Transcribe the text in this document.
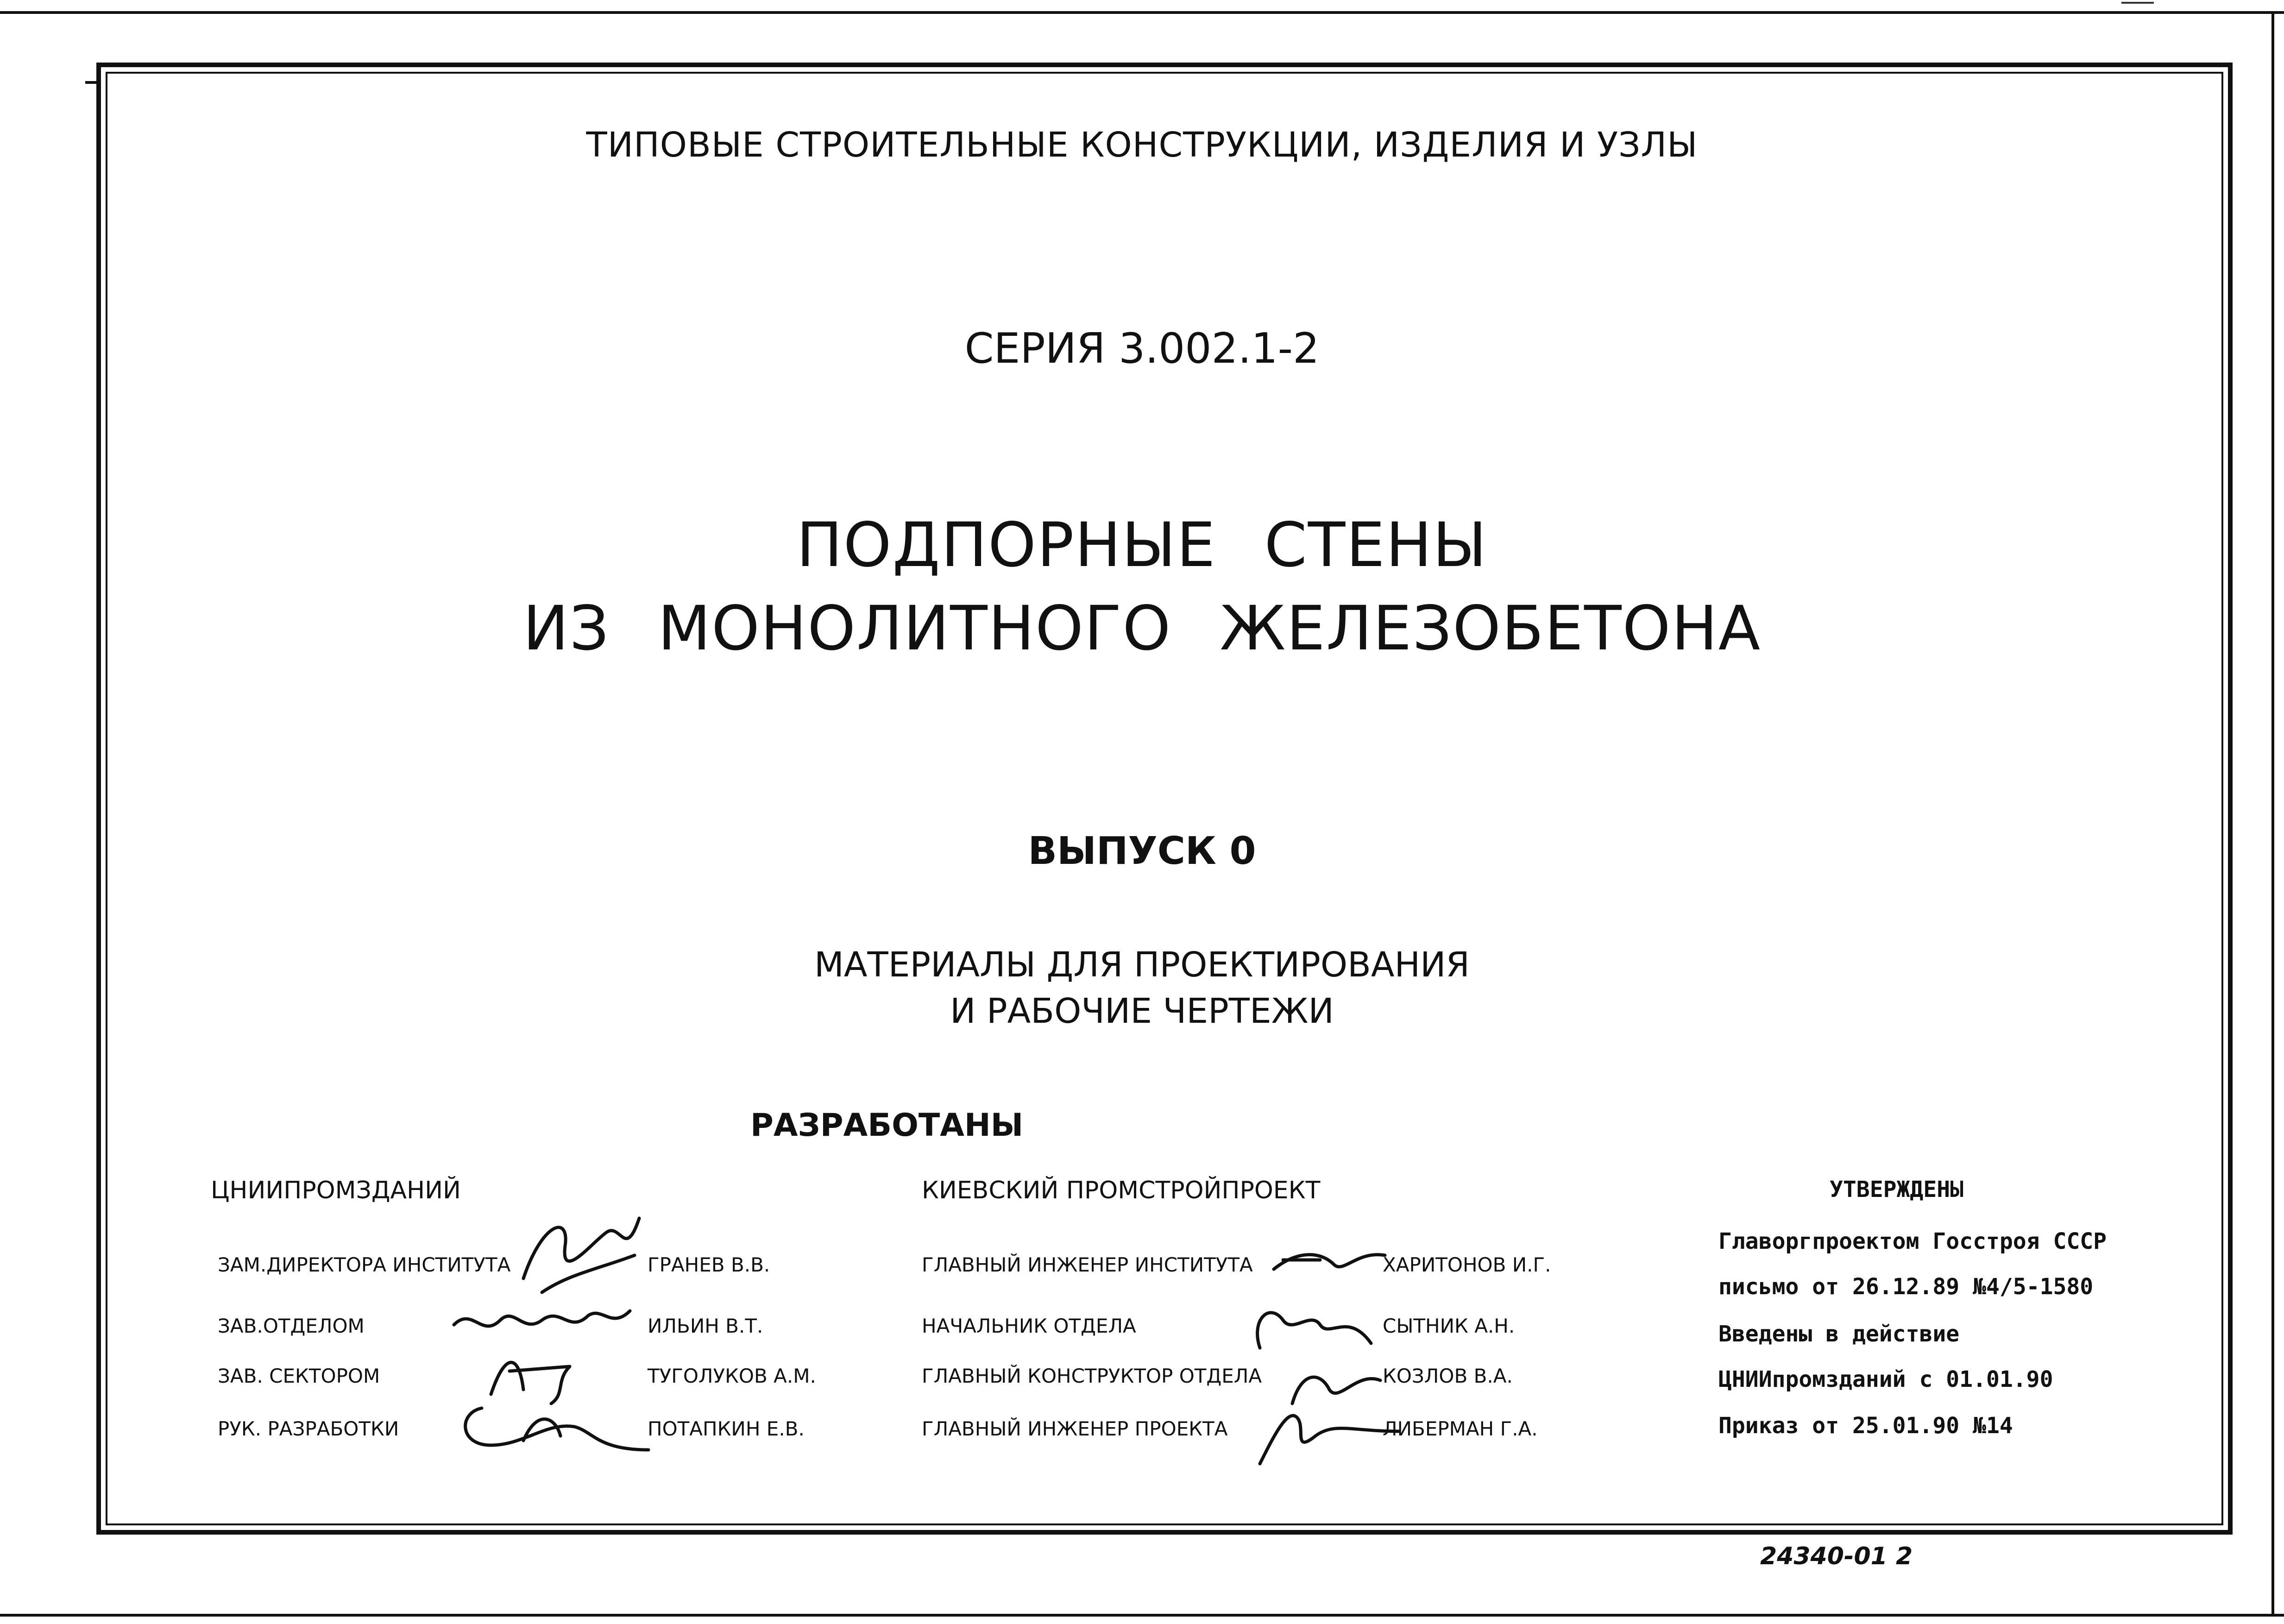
ТИПОВЫЕ СТРОИТЕЛЬНЫЕ КОНСТРУКЦИИ, ИЗДЕЛИЯ И УЗЛЫ
СЕРИЯ 3.002.1-2
ПОДПОРНЫЕ СТЕНЫ
ИЗ МОНОЛИТНОГО ЖЕЛЕЗОБЕТОНА
ВЫПУСК 0
МАТЕРИАЛЫ ДЛЯ ПРОЕКТИРОВАНИЯ
И РАБОЧИЕ ЧЕРТЕЖИ
РАЗРАБОТАНЫ
ЦНИИПРОМЗДАНИЙ
ЗАМ.ДИРЕКТОРА ИНСТИТУТА	ГРАНЕВ В.В.
ЗАВ.ОТДЕЛОМ	ИЛЬИН В.Т.
ЗАВ. СЕКТОРОМ	ТУГОЛУКОВ А.М.
РУК. РАЗРАБОТКИ	ПОТАПКИН Е.В.
КИЕВСКИЙ ПРОМСТРОЙПРОЕКТ
ГЛАВНЫЙ ИНЖЕНЕР ИНСТИТУТА	ХАРИТОНОВ И.Г.
НАЧАЛЬНИК ОТДЕЛА	СЫТНИК А.Н.
ГЛАВНЫЙ КОНСТРУКТОР ОТДЕЛА	КОЗЛОВ В.А.
ГЛАВНЫЙ ИНЖЕНЕР ПРОЕКТА	ЛИБЕРМАН Г.А.
УТВЕРЖДЕНЫ
Главоргпроектом Госстроя СССР
письмо от 26.12.89 №4/5-1580
Введены в действие
ЦНИИпромзданий с 01.01.90
Приказ от 25.01.90 №14
24340-01 2
